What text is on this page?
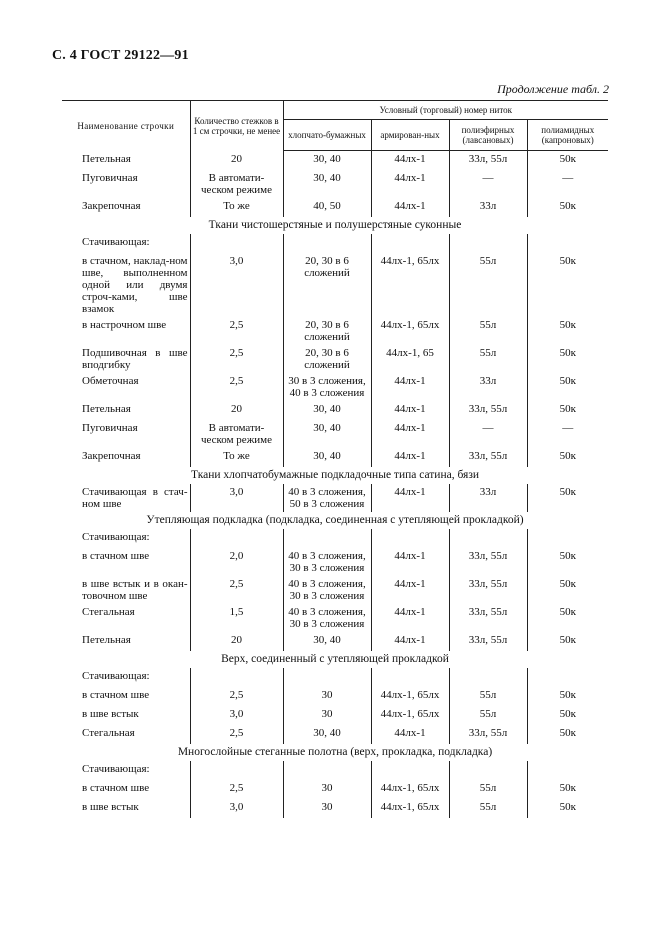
С. 4 ГОСТ 29122—91
Продолжение табл. 2
Наименование строчки	Количество стежков в 1 см строчки, не менее	Условный (торговый) номер ниток			
		хлопчато-бумажных	армирован-ных	полиэфирных (лавсановых)	полиамидных (капроновых)
Петельная	20	30, 40	44лх-1	33л, 55л	50к
Пуговичная	В автомати-ческом режиме	30, 40	44лх-1	—	—
Закрепочная	То же	40, 50	44лх-1	33л	50к
Ткани чистошерстяные и полушерстяные суконные					
Стачивающая:					
в стачном, наклад-ном шве, выполненном одной или двумя строч-ками, шве взамок	3,0	20, 30 в 6 сложений	44лх-1, 65лх	55л	50к
в настрочном шве	2,5	20, 30 в 6 сложений	44лх-1, 65лх	55л	50к
Подшивочная в шве вподгибку	2,5	20, 30 в 6 сложений	44лх-1, 65	55л	50к
Обметочная	2,5	30 в 3 сложения, 40 в 3 сложения	44лх-1	33л	50к
Петельная	20	30, 40	44лх-1	33л, 55л	50к
Пуговичная	В автомати-ческом режиме	30, 40	44лх-1	—	—
Закрепочная	То же	30, 40	44лх-1	33л, 55л	50к
Ткани хлопчатобумажные подкладочные типа сатина, бязи					
Стачивающая в стач-ном шве	3,0	40 в 3 сложения, 50 в 3 сложения	44лх-1	33л	50к
Утепляющая подкладка (подкладка, соединенная с утепляющей прокладкой)					
Стачивающая:					
в стачном шве	2,0	40 в 3 сложения, 30 в 3 сложения	44лх-1	33л, 55л	50к
в шве встык и в окан-товочном шве	2,5	40 в 3 сложения, 30 в 3 сложения	44лх-1	33л, 55л	50к
Стегальная	1,5	40 в 3 сложения, 30 в 3 сложения	44лх-1	33л, 55л	50к
Петельная	20	30, 40	44лх-1	33л, 55л	50к
Верх, соединенный с утепляющей прокладкой					
Стачивающая:					
в стачном шве	2,5	30	44лх-1, 65лх	55л	50к
в шве встык	3,0	30	44лх-1, 65лх	55л	50к
Стегальная	2,5	30, 40	44лх-1	33л, 55л	50к
Многослойные стеганные полотна (верх, прокладка, подкладка)					
Стачивающая:					
в стачном шве	2,5	30	44лх-1, 65лх	55л	50к
в шве встык	3,0	30	44лх-1, 65лх	55л	50к
